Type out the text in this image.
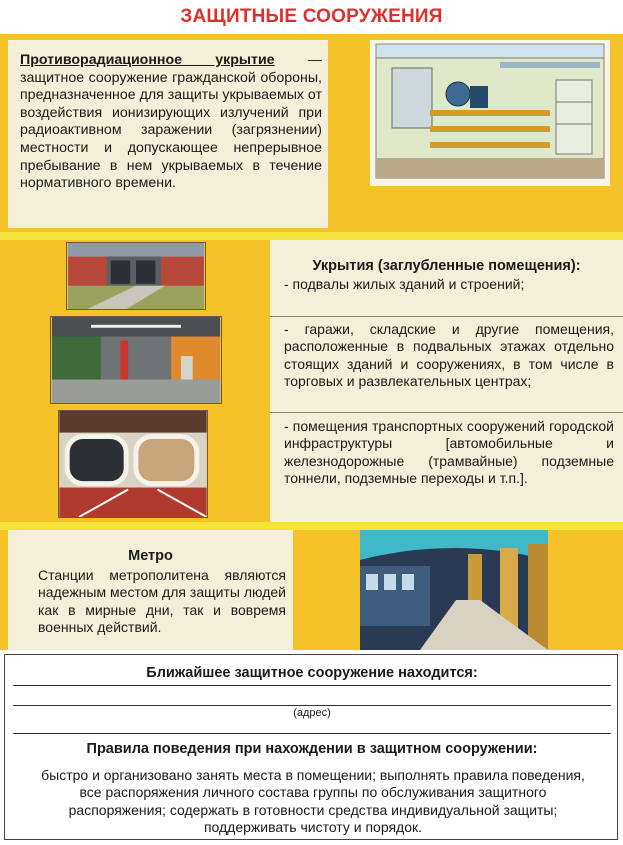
ЗАЩИТНЫЕ СООРУЖЕНИЯ
Противорадиационное укрытие — защитное сооружение гражданской обороны, предназначенное для защиты укрываемых от воздействия ионизирующих излучений при радиоактивном заражении (загрязнении) местности и допускающее непрерывное пребывание в нем укрываемых в течение нормативного времени.
Укрытия (заглубленные помещения):
- подвалы жилых зданий и строений;
- гаражи, складские и другие помещения, расположенные в подвальных этажах отдельно стоящих зданий и сооружениях, в том числе в торговых и развлекательных центрах;
- помещения транспортных сооружений городской инфраструктуры [автомобильные и железнодорожные (трамвайные) подземные тоннели, подземные переходы и т.п.].
Метро
Станции метрополитена являются надежным местом для защиты людей как в мирные дни, так и вовремя военных действий.
Ближайшее защитное сооружение находится:
(адрес)
Правила поведения при нахождении в защитном сооружении:
быстро и организовано занять места в помещении; выполнять правила поведения, все распоряжения личного состава группы по обслуживания защитного распоряжения; содержать в готовности средства индивидуальной защиты; поддерживать чистоту и порядок.
